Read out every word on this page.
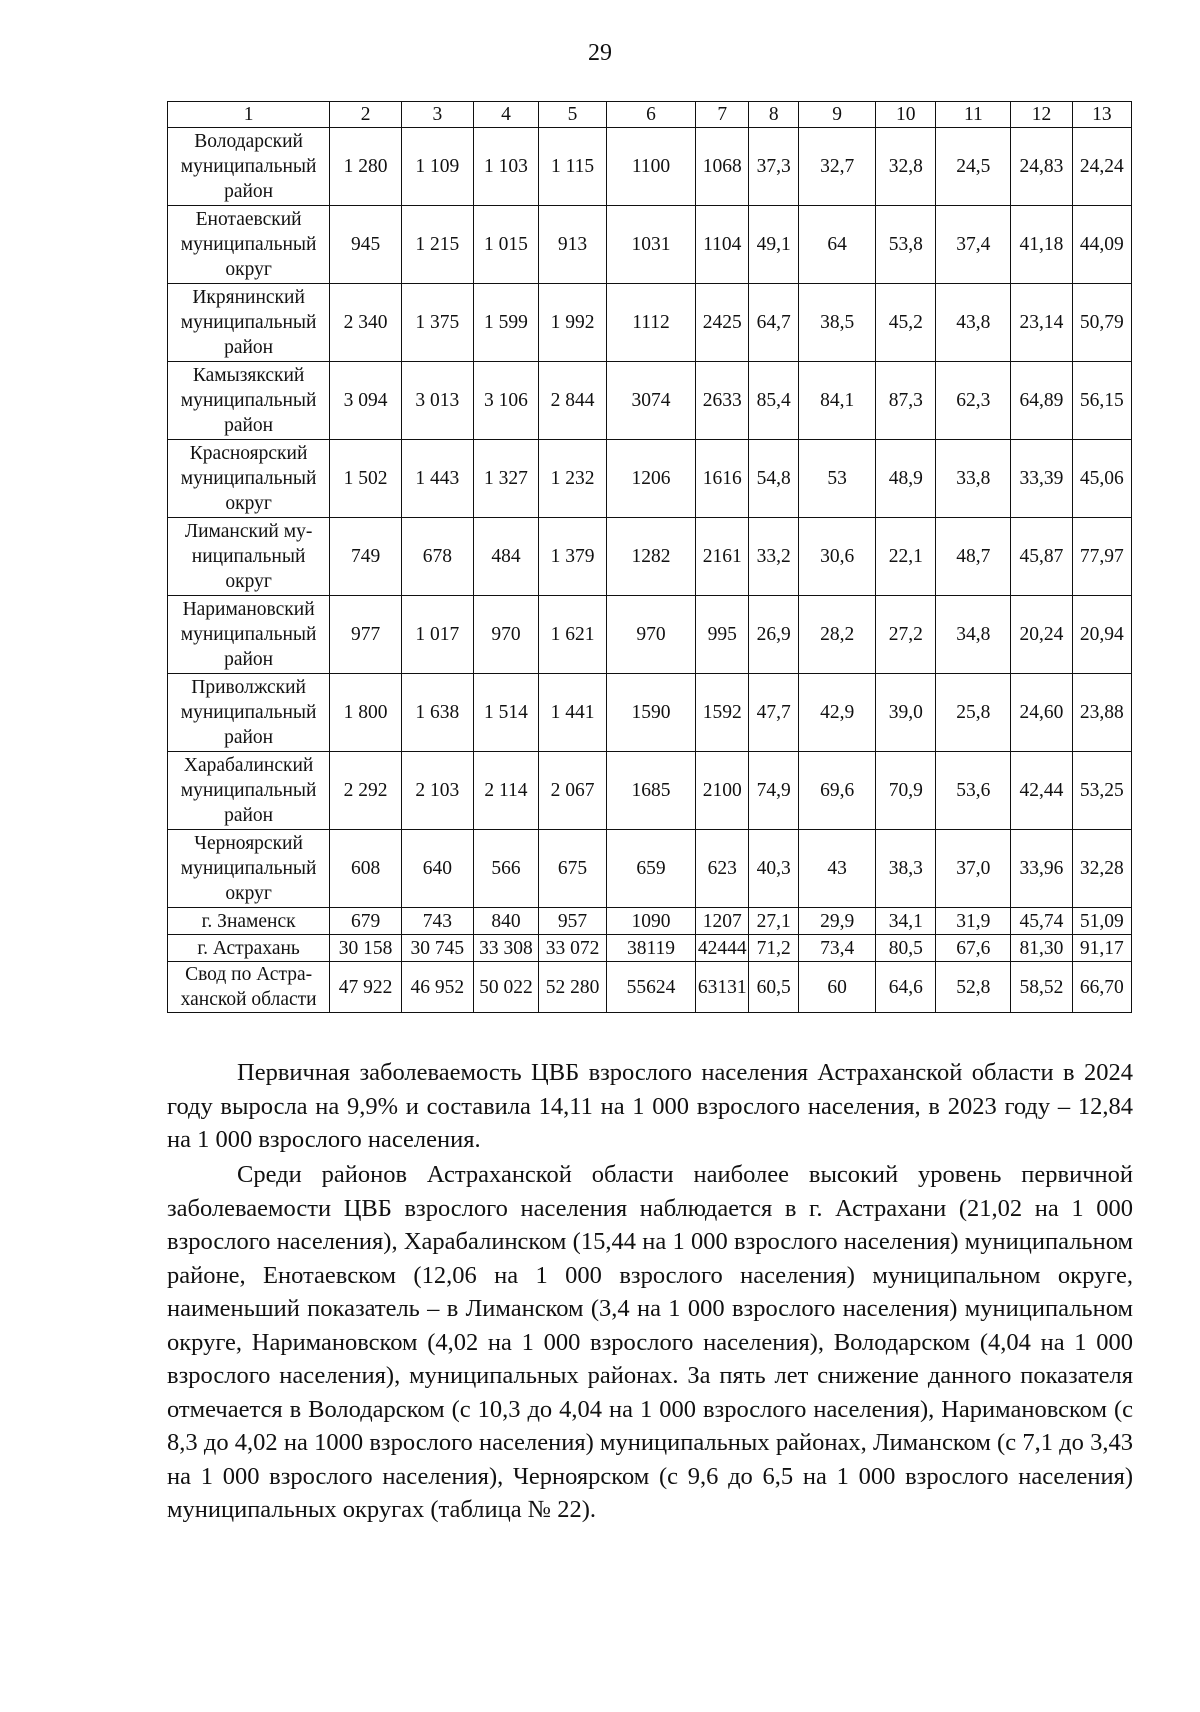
29
1	2	3	4	5	6	7	8	9	10	11	12	13

Володарский
муниципальный
район	1 280	1 109	1 103	1 115	1100	1068	37,3	32,7	32,8	24,5	24,83	24,24

Енотаевский
муниципальный
округ	945	1 215	1 015	913	1031	1104	49,1	64	53,8	37,4	41,18	44,09

Икрянинский
муниципальный
район	2 340	1 375	1 599	1 992	1112	2425	64,7	38,5	45,2	43,8	23,14	50,79

Камызякский
муниципальный
район	3 094	3 013	3 106	2 844	3074	2633	85,4	84,1	87,3	62,3	64,89	56,15

Красноярский
муниципальный
округ	1 502	1 443	1 327	1 232	1206	1616	54,8	53	48,9	33,8	33,39	45,06

Лиманский му-
ниципальный
округ	749	678	484	1 379	1282	2161	33,2	30,6	22,1	48,7	45,87	77,97

Наримановский
муниципальный
район	977	1 017	970	1 621	970	995	26,9	28,2	27,2	34,8	20,24	20,94

Приволжский
муниципальный
район	1 800	1 638	1 514	1 441	1590	1592	47,7	42,9	39,0	25,8	24,60	23,88

Харабалинский
муниципальный
район	2 292	2 103	2 114	2 067	1685	2100	74,9	69,6	70,9	53,6	42,44	53,25

Черноярский
муниципальный
округ	608	640	566	675	659	623	40,3	43	38,3	37,0	33,96	32,28

г. Знаменск	679	743	840	957	1090	1207	27,1	29,9	34,1	31,9	45,74	51,09

г. Астрахань	30 158	30 745	33 308	33 072	38119	42444	71,2	73,4	80,5	67,6	81,30	91,17

Свод по Астра-
ханской области	47 922	46 952	50 022	52 280	55624	63131	60,5	60	64,6	52,8	58,52	66,70

Первичная заболеваемость ЦВБ взрослого населения Астраханской области в 2024 году выросла на 9,9% и составила 14,11 на 1 000 взрослого населения, в 2023 году – 12,84 на 1 000 взрослого населения.

Среди районов Астраханской области наиболее высокий уровень первичной заболеваемости ЦВБ взрослого населения наблюдается в г. Астрахани (21,02 на 1 000 взрослого населения), Харабалинском (15,44 на 1 000 взрослого населения) муниципальном районе, Енотаевском (12,06 на 1 000 взрослого населения) муниципальном округе, наименьший показатель – в Лиманском (3,4 на 1 000 взрослого населения) муниципальном округе, Наримановском (4,02 на 1 000 взрослого населения), Володарском (4,04 на 1 000 взрослого населения), муниципальных районах. За пять лет снижение данного показателя отмечается в Володарском (с 10,3 до 4,04 на 1 000 взрослого населения), Наримановском (с 8,3 до 4,02 на 1000 взрослого населения) муниципальных районах, Лиманском (с 7,1 до 3,43 на 1 000 взрослого населения), Черноярском (с 9,6 до 6,5 на 1 000 взрослого населения) муниципальных округах (таблица № 22).
